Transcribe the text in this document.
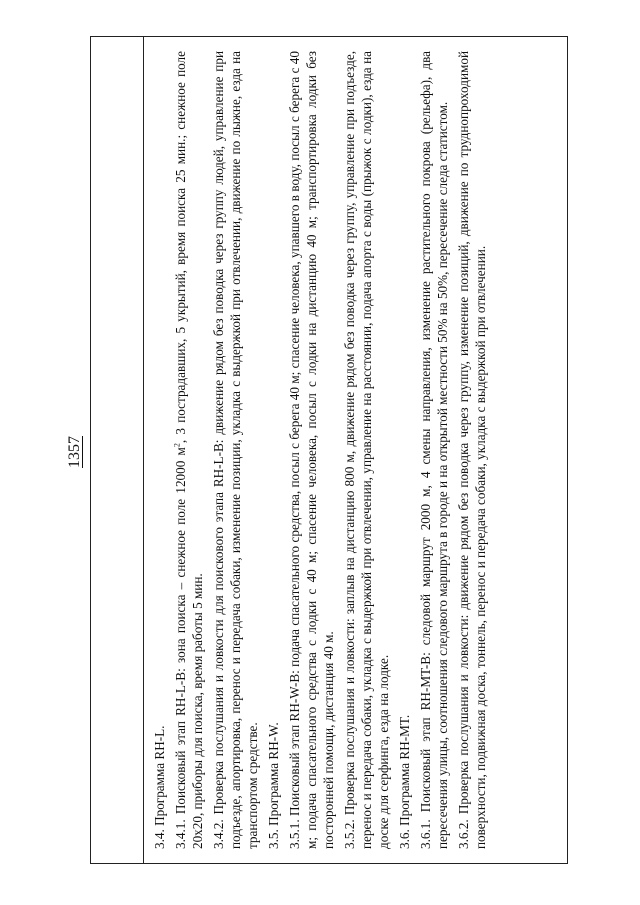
1357

3.4. Программа RH-L. 3.4.1. Поисковый этап RH-L-B: зона поиска – снежное поле 12000 $м^2$, 3 пострадавших, 5 укрытий, время поиска 25 мин.; снежное поле 20х20, приборы для поиска, время работы 5 мин. 3.4.2. Проверка послушания и ловкости для поискового этапа RH-L-B: движение рядом без поводка через группу людей, управление при подъезде, апортировка, перенос и передача собаки, изменение позиции, укладка с выдержкой при отвлечении, движение по лыжне, езда на транспортом средстве. 3.5. Программа RH-W. 3.5.1. Поисковый этап RH-W-B: подача спасательного средства, посыл с берега 40 м; спасение человека, упавшего в воду, посыл с берега с 40 м; подача спасательного средства с лодки с 40 м; спасение человека, посыл с лодки на дистанцию 40 м; транспортировка лодки без посторонней помощи, дистанция 40 м. 3.5.2. Проверка послушания и ловкости: заплыв на дистанцию 800 м, движение рядом без поводка через группу, управление при подъезде, перенос и передача собаки, укладка с выдержкой при отвлечении, управление на расстоянии, подача апорта с воды (прыжок с лодки), езда на доске для серфинга, езда на лодке. 3.6. Программа RH-MT. 3.6.1. Поисковый этап RH-MT-B: следовой маршрут 2000 м, 4 смены направления, изменение растительного покрова (рельефа), два пересечения улицы, соотношения следового маршрута в городе и на открытой местности 50% на 50%, пересечение следа статистом. 3.6.2. Проверка послушания и ловкости: движение рядом без поводка через группу, изменение позиций, движение по труднопроходимой поверхности, подвижная доска, тоннель, перенос и передача собаки, укладка с выдержкой при отвлечении.
